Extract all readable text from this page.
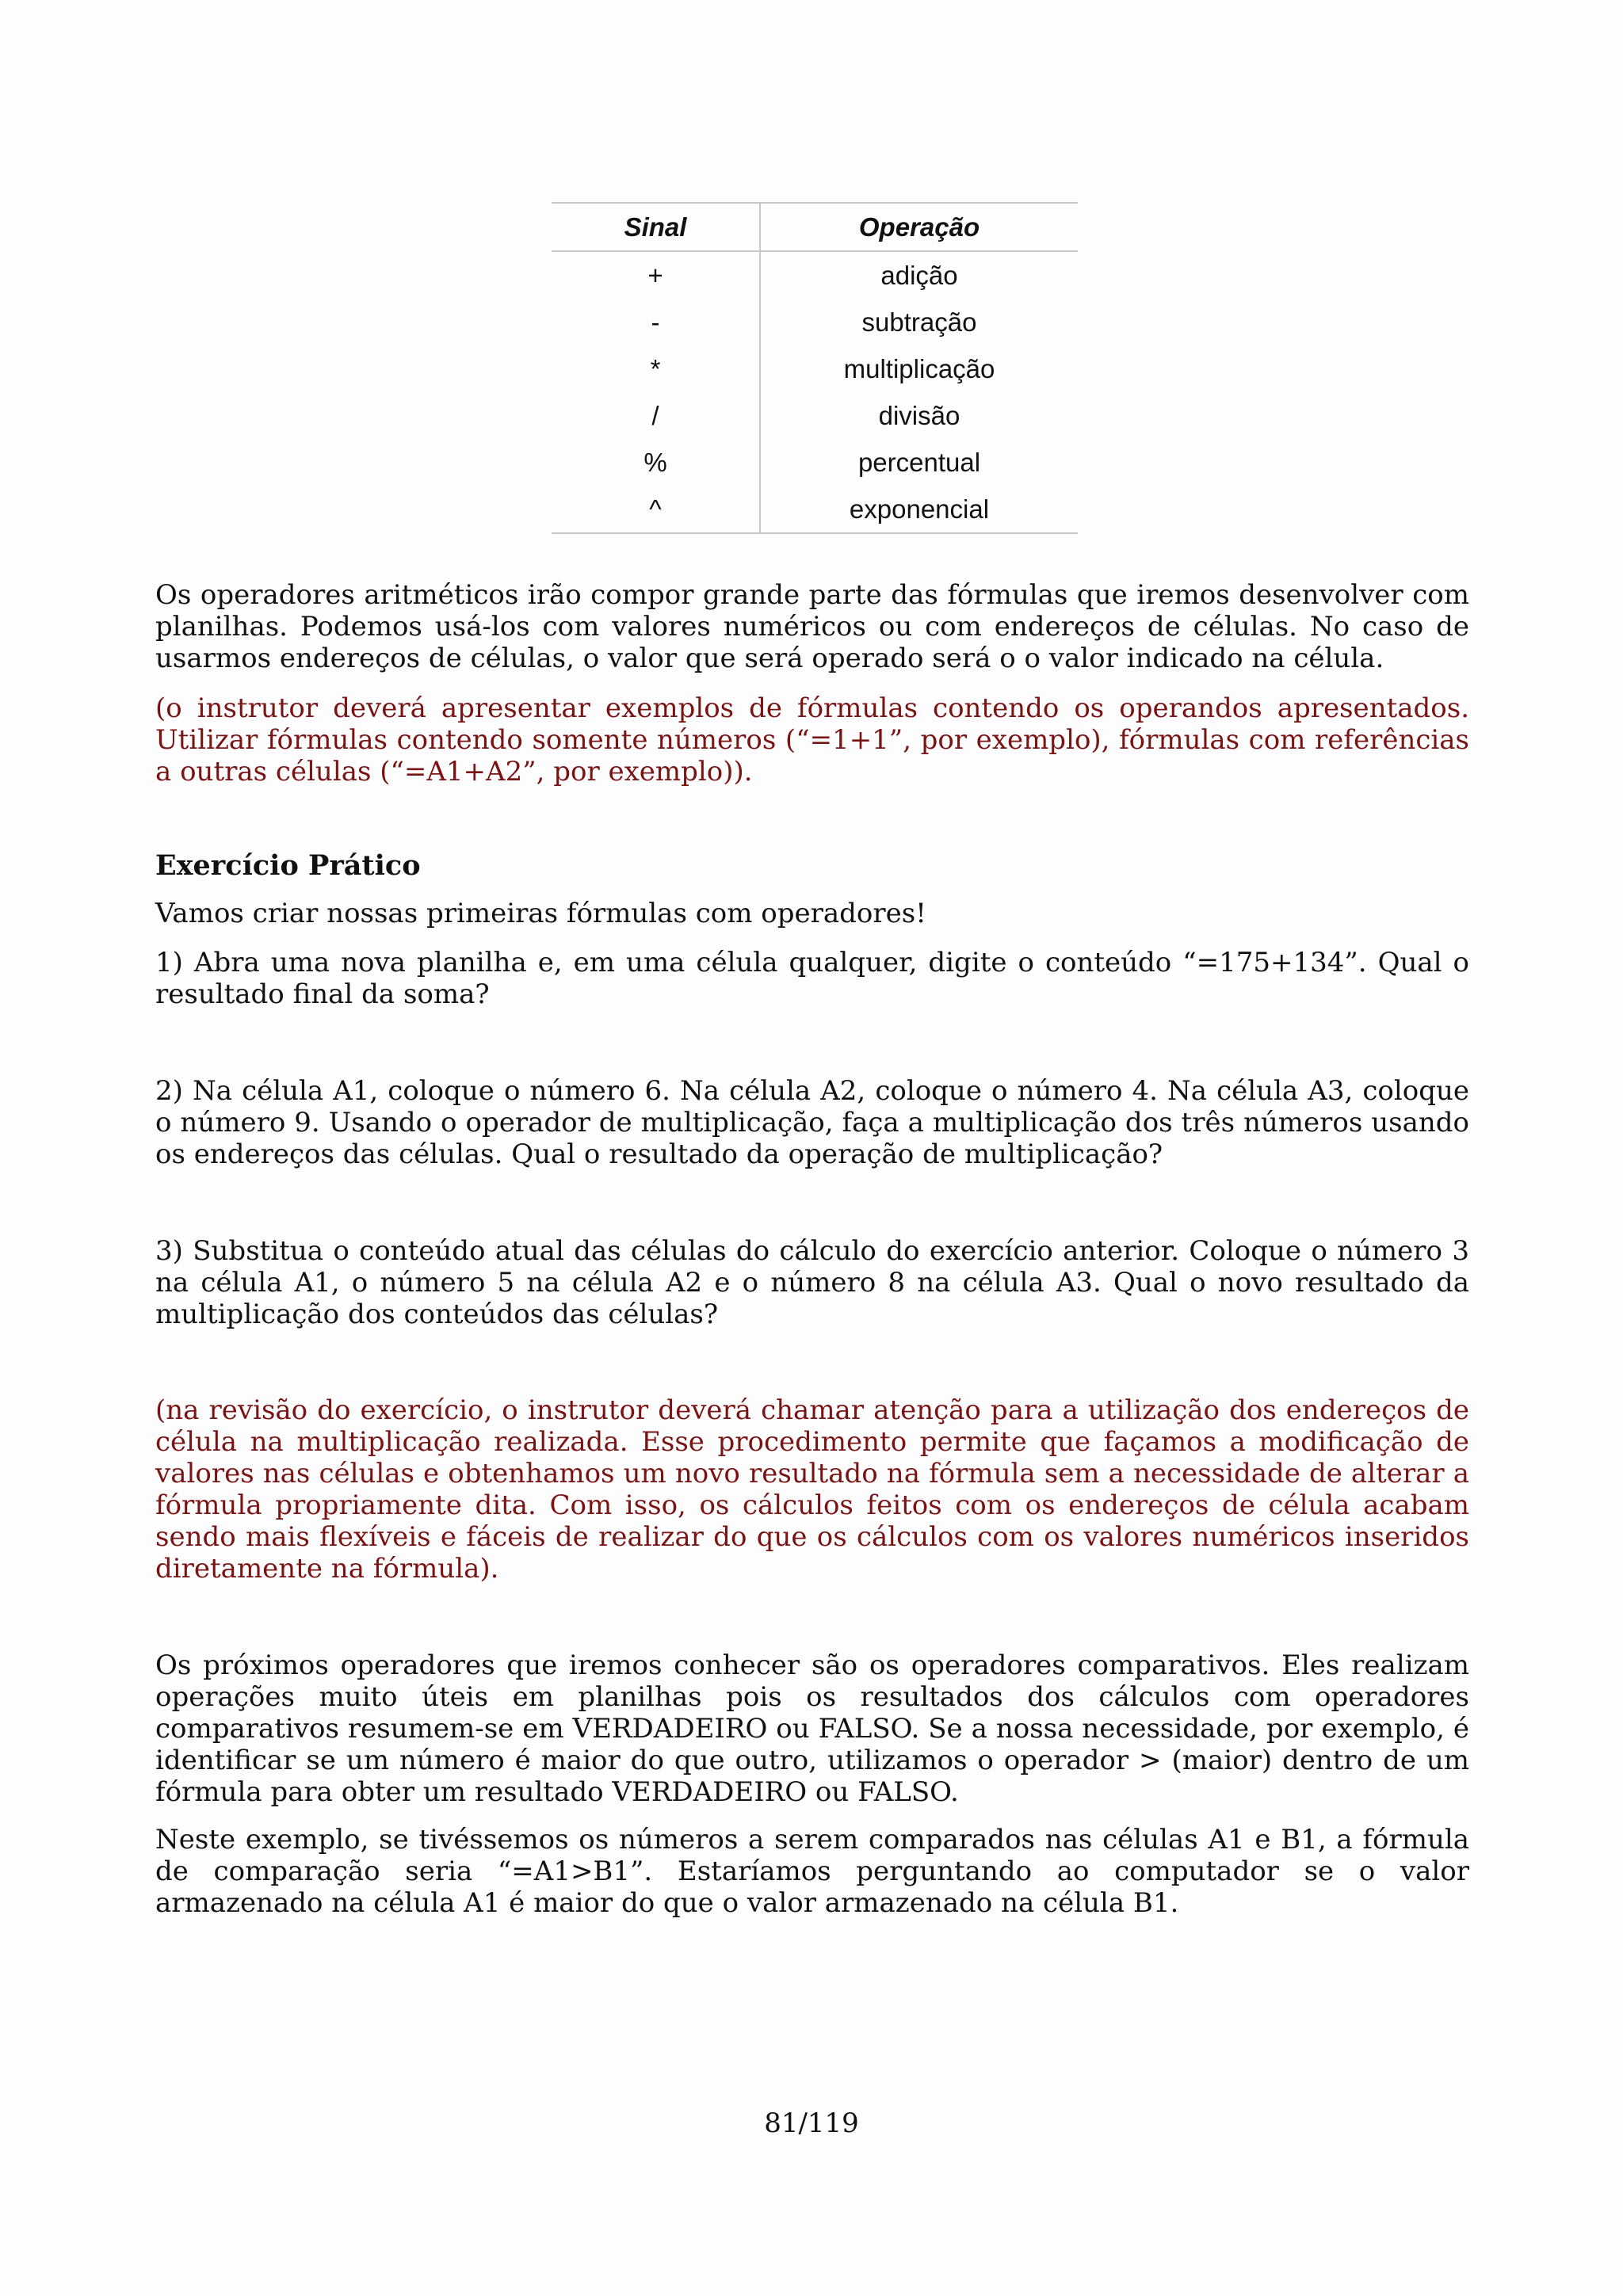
Sinal	Operação
+	adição
-	subtração
*	multiplicação
/	divisão
%	percentual
^	exponencial

Os operadores aritméticos irão compor grande parte das fórmulas que iremos desenvolver com planilhas. Podemos usá-los com valores numéricos ou com endereços de células. No caso de usarmos endereços de células, o valor que será operado será o o valor indicado na célula.

(o instrutor deverá apresentar exemplos de fórmulas contendo os operandos apresentados. Utilizar fórmulas contendo somente números (“=1+1”, por exemplo), fórmulas com referências a outras células (“=A1+A2”, por exemplo)).

Exercício Prático

Vamos criar nossas primeiras fórmulas com operadores!

1) Abra uma nova planilha e, em uma célula qualquer, digite o conteúdo “=175+134”. Qual o resultado final da soma?

2) Na célula A1, coloque o número 6. Na célula A2, coloque o número 4. Na célula A3, coloque o número 9. Usando o operador de multiplicação, faça a multiplicação dos três números usando os endereços das células. Qual o resultado da operação de multiplicação?

3) Substitua o conteúdo atual das células do cálculo do exercício anterior. Coloque o número 3 na célula A1, o número 5 na célula A2 e o número 8 na célula A3. Qual o novo resultado da multiplicação dos conteúdos das células?

(na revisão do exercício, o instrutor deverá chamar atenção para a utilização dos endereços de célula na multiplicação realizada. Esse procedimento permite que façamos a modificação de valores nas células e obtenhamos um novo resultado na fórmula sem a necessidade de alterar a fórmula propriamente dita. Com isso, os cálculos feitos com os endereços de célula acabam sendo mais flexíveis e fáceis de realizar do que os cálculos com os valores numéricos inseridos diretamente na fórmula).

Os próximos operadores que iremos conhecer são os operadores comparativos. Eles realizam operações muito úteis em planilhas pois os resultados dos cálculos com operadores comparativos resumem-se em VERDADEIRO ou FALSO. Se a nossa necessidade, por exemplo, é identificar se um número é maior do que outro, utilizamos o operador > (maior) dentro de um fórmula para obter um resultado VERDADEIRO ou FALSO.

Neste exemplo, se tivéssemos os números a serem comparados nas células A1 e B1, a fórmula de comparação seria “=A1>B1”. Estaríamos perguntando ao computador se o valor armazenado na célula A1 é maior do que o valor armazenado na célula B1.

81/119
